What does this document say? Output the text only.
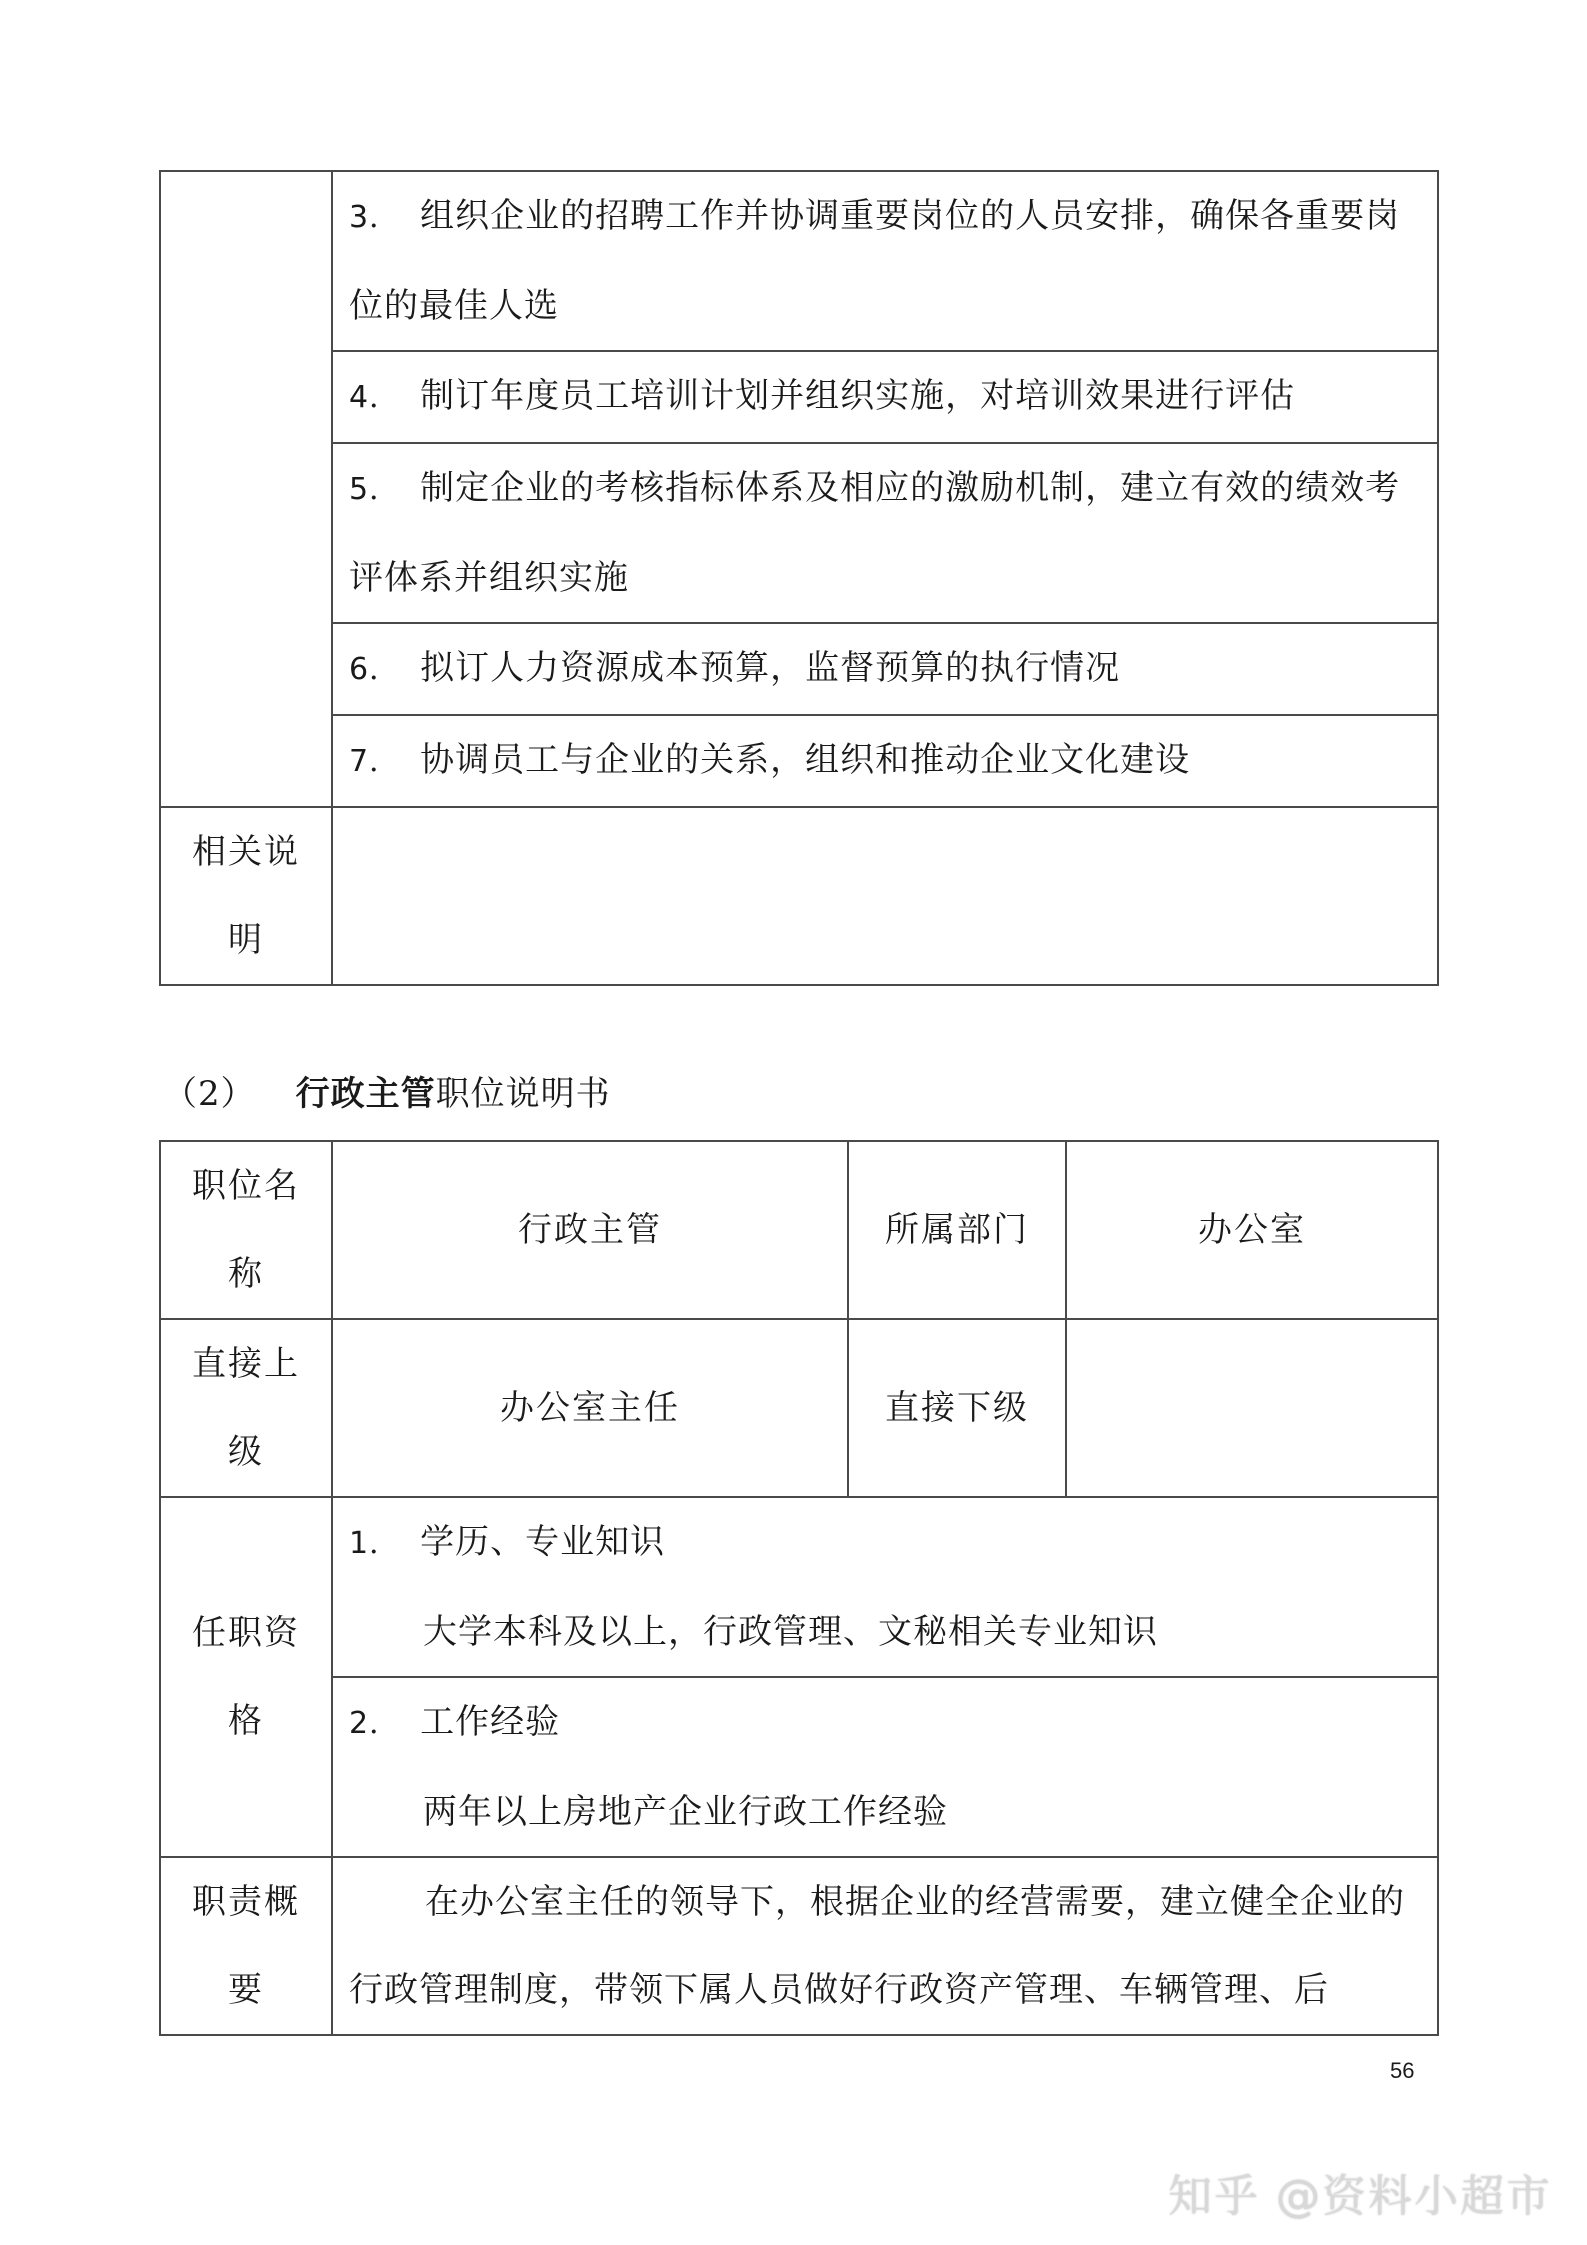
	3． 组织企业的招聘工作并协调重要岗位的人员安排，确保各重要岗位的最佳人选
	4． 制订年度员工培训计划并组织实施，对培训效果进行评估
	5． 制定企业的考核指标体系及相应的激励机制，建立有效的绩效考评体系并组织实施
	6． 拟订人力资源成本预算，监督预算的执行情况
	7． 协调员工与企业的关系，组织和推动企业文化建设
相关说明	
（2） 行政主管职位说明书
职位名称	行政主管	所属部门	办公室
直接上级	办公室主任	直接下级	
任职资格	1． 学历、专业知识
大学本科及以上，行政管理、文秘相关专业知识		

	2． 工作经验
两年以上房地产企业行政工作经验		

职责概要	在办公室主任的领导下，根据企业的经营需要，建立健全企业的行政管理制度，带领下属人员做好行政资产管理、车辆管理、后		
56
知乎 @资料小超市
